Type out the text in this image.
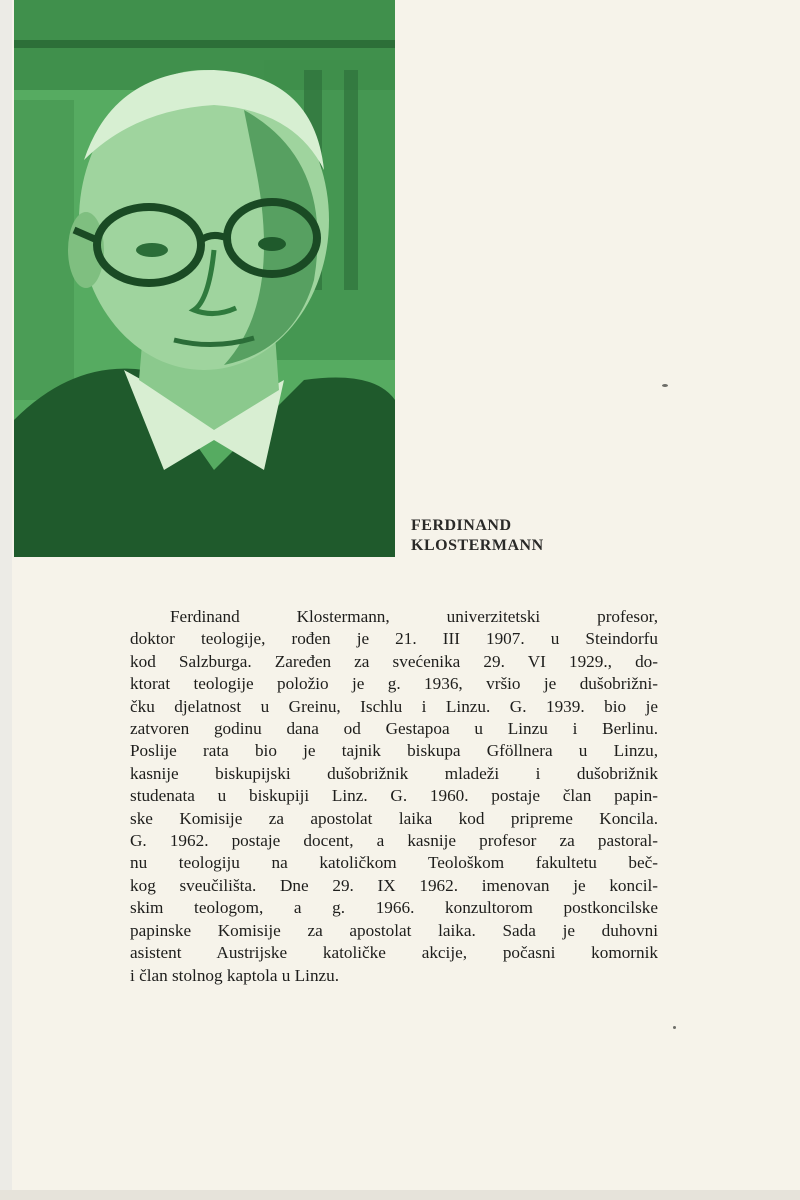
FERDINAND
KLOSTERMANN
Ferdinand Klostermann, univerzitetski profesor,
doktor teologije, rođen je 21. III 1907. u Steindorfu
kod Salzburga. Zaređen za svećenika 29. VI 1929., do-
ktorat teologije položio je g. 1936, vršio je dušobrižni-
čku djelatnost u Greinu, Ischlu i Linzu. G. 1939. bio je
zatvoren godinu dana od Gestapoa u Linzu i Berlinu.
Poslije rata bio je tajnik biskupa Gföllnera u Linzu,
kasnije biskupijski dušobrižnik mladeži i dušobrižnik
studenata u biskupiji Linz. G. 1960. postaje član papin-
ske Komisije za apostolat laika kod pripreme Koncila.
G. 1962. postaje docent, a kasnije profesor za pastoral-
nu teologiju na katoličkom Teološkom fakultetu beč-
kog sveučilišta. Dne 29. IX 1962. imenovan je koncil-
skim teologom, a g. 1966. konzultorom postkoncilske
papinske Komisije za apostolat laika. Sada je duhovni
asistent Austrijske katoličke akcije, počasni komornik
i član stolnog kaptola u Linzu.
